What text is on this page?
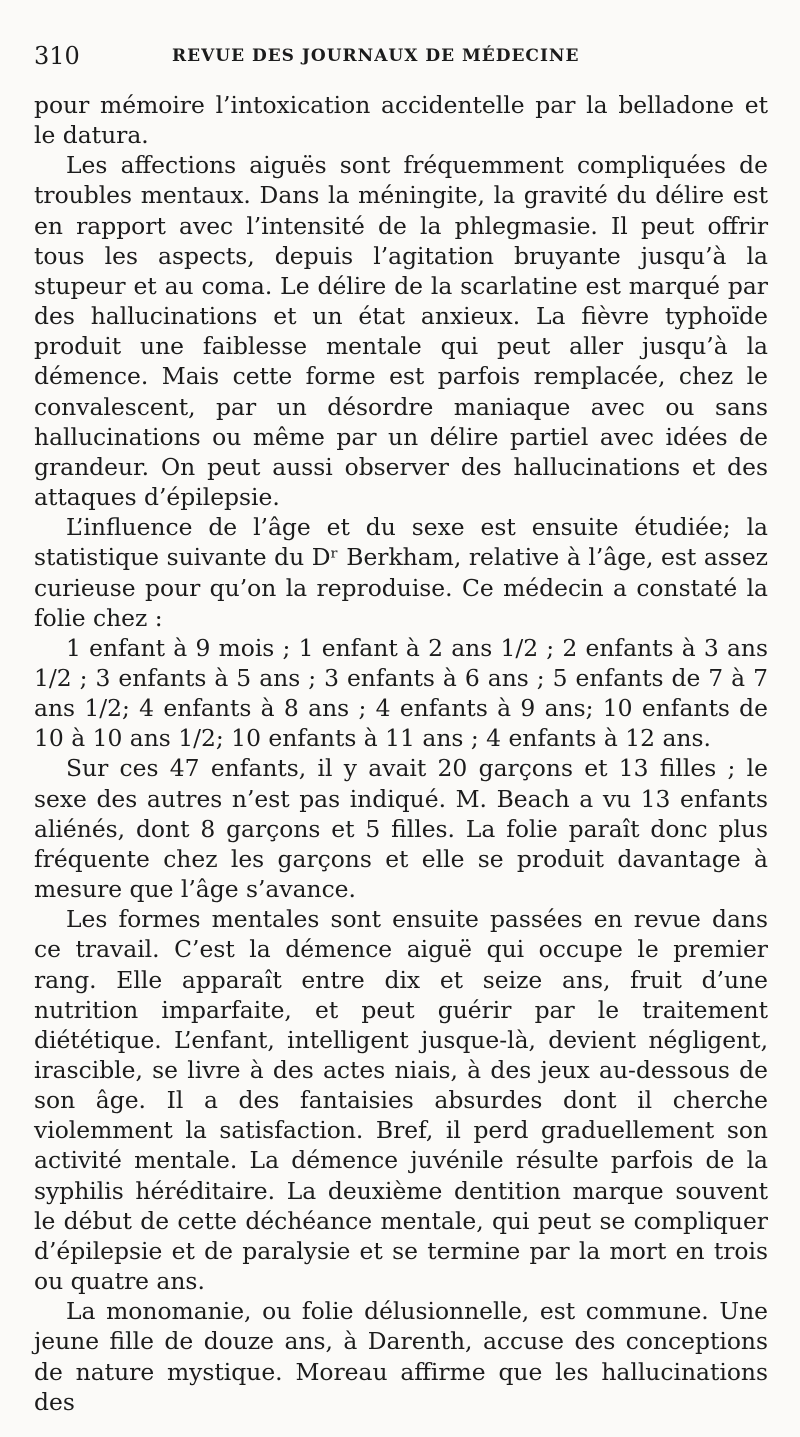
310	REVUE DES JOURNAUX DE MÉDECINE

pour mémoire l’intoxication accidentelle par la belladone et le datura.

Les affections aiguës sont fréquemment compliquées de troubles mentaux. Dans la méningite, la gravité du délire est en rapport avec l’intensité de la phlegmasie. Il peut offrir tous les aspects, depuis l’agitation bruyante jusqu’à la stupeur et au coma. Le délire de la scarlatine est marqué par des hallucinations et un état anxieux. La fièvre typhoïde produit une faiblesse mentale qui peut aller jusqu’à la démence. Mais cette forme est parfois remplacée, chez le convalescent, par un désordre maniaque avec ou sans hallucinations ou même par un délire partiel avec idées de grandeur. On peut aussi observer des hallucinations et des attaques d’épilepsie.

L’influence de l’âge et du sexe est ensuite étudiée; la statistique suivante du Dʳ Berkham, relative à l’âge, est assez curieuse pour qu’on la reproduise. Ce médecin a constaté la folie chez :

1 enfant à 9 mois ; 1 enfant à 2 ans 1/2 ; 2 enfants à 3 ans 1/2 ; 3 enfants à 5 ans ; 3 enfants à 6 ans ; 5 enfants de 7 à 7 ans 1/2; 4 enfants à 8 ans ; 4 enfants à 9 ans; 10 enfants de 10 à 10 ans 1/2; 10 enfants à 11 ans ; 4 enfants à 12 ans.

Sur ces 47 enfants, il y avait 20 garçons et 13 filles ; le sexe des autres n’est pas indiqué. M. Beach a vu 13 enfants aliénés, dont 8 garçons et 5 filles. La folie paraît donc plus fréquente chez les garçons et elle se produit davantage à mesure que l’âge s’avance.

Les formes mentales sont ensuite passées en revue dans ce travail. C’est la démence aiguë qui occupe le premier rang. Elle apparaît entre dix et seize ans, fruit d’une nutrition imparfaite, et peut guérir par le traitement diététique. L’enfant, intelligent jusque-là, devient négligent, irascible, se livre à des actes niais, à des jeux au-dessous de son âge. Il a des fantaisies absurdes dont il cherche violemment la satisfaction. Bref, il perd graduellement son activité mentale. La démence juvénile résulte parfois de la syphilis héréditaire. La deuxième dentition marque souvent le début de cette déchéance mentale, qui peut se compliquer d’épilepsie et de paralysie et se termine par la mort en trois ou quatre ans.

La monomanie, ou folie délusionnelle, est commune. Une jeune fille de douze ans, à Darenth, accuse des conceptions de nature mystique. Moreau affirme que les hallucinations des
